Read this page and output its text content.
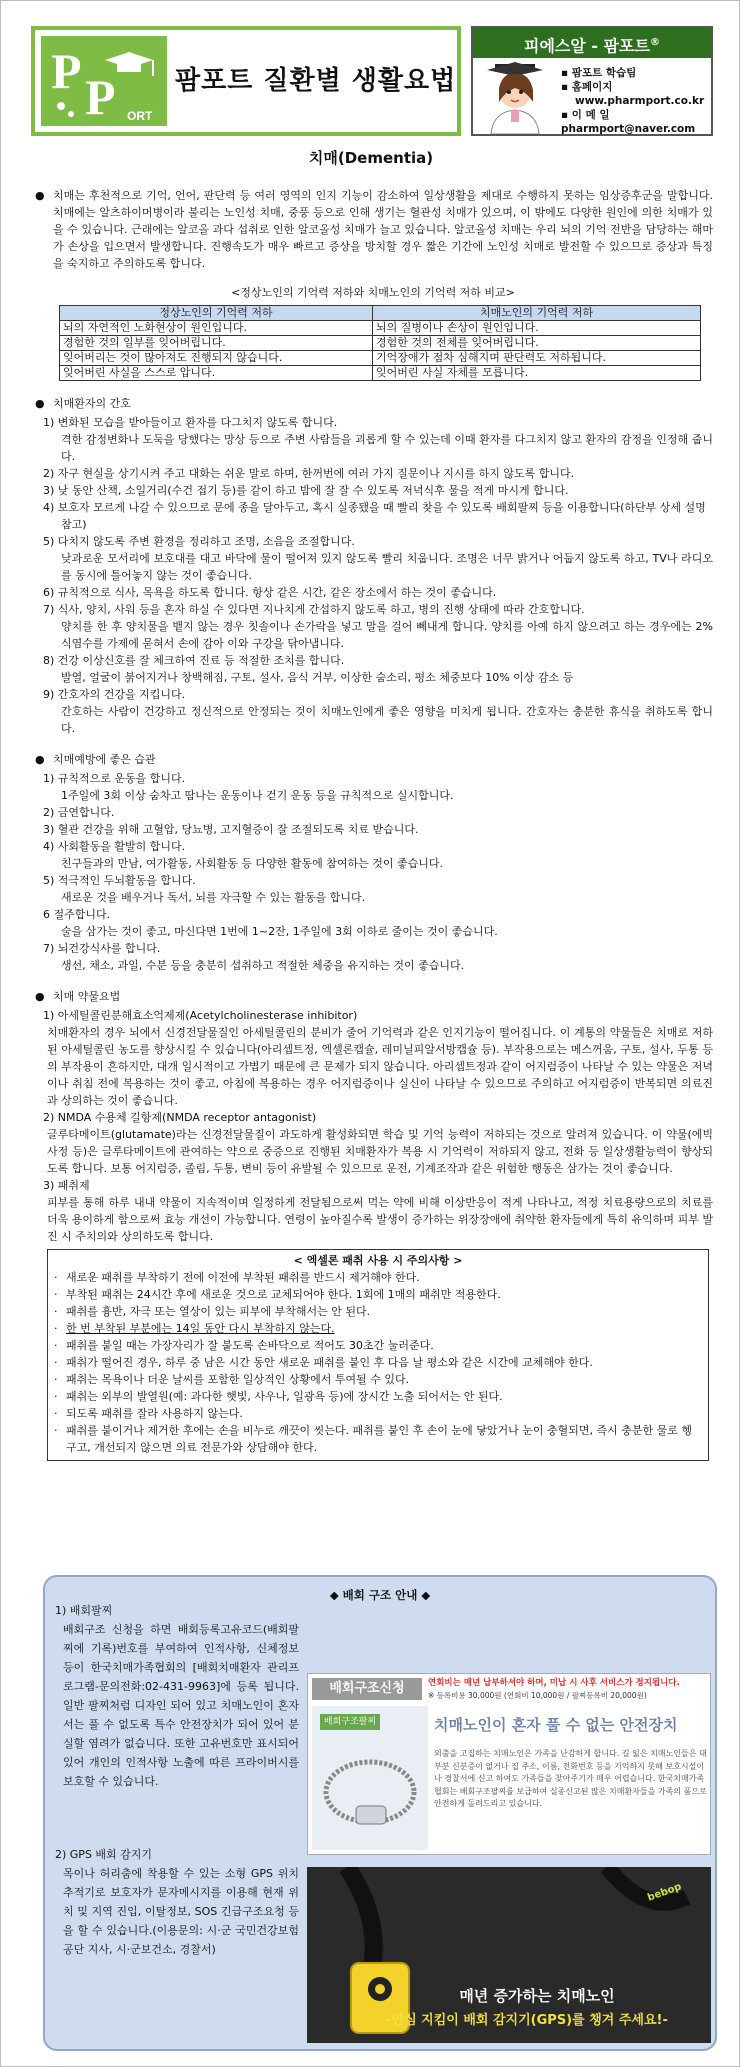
P P ORT
팜포트 질환별 생활요법
피에스알 - 팜포트®
▪ 팜포트 학습팀
▪ 홈페이지
www.pharmport.co.kr
▪ 이 메 일
pharmport@naver.com
치매(Dementia)
● 치매는 후천적으로 기억, 언어, 판단력 등 여러 영역의 인지 기능이 감소하여 일상생활을 제대로 수행하지 못하는 임상증후군을 말합니다. 치매에는 알츠하이머병이라 불리는 노인성 치매, 중풍 등으로 인해 생기는 혈관성 치매가 있으며, 이 밖에도 다양한 원인에 의한 치매가 있을 수 있습니다. 근래에는 알코올 과다 섭취로 인한 알코올성 치매가 늘고 있습니다. 알코올성 치매는 우리 뇌의 기억 전반을 담당하는 해마가 손상을 입으면서 발생합니다. 진행속도가 매우 빠르고 증상을 방치할 경우 짧은 기간에 노인성 치매로 발전할 수 있으므로 증상과 특징을 숙지하고 주의하도록 합니다.
<정상노인의 기억력 저하와 치매노인의 기억력 저하 비교>
정상노인의 기억력 저하	치매노인의 기억력 저하
뇌의 자연적인 노화현상이 원인입니다.	뇌의 질병이나 손상이 원인입니다.
경험한 것의 일부를 잊어버립니다.	경험한 것의 전체를 잊어버립니다.
잊어버리는 것이 많아져도 진행되지 않습니다.	기억장애가 점차 심해지며 판단력도 저하됩니다.
잊어버린 사실을 스스로 압니다.	잊어버린 사실 자체를 모릅니다.
● 치매환자의 간호
1) 변화된 모습을 받아들이고 환자를 다그치지 않도록 합니다.
격한 감정변화나 도둑을 당했다는 망상 등으로 주변 사람들을 괴롭게 할 수 있는데 이때 환자를 다그치지 않고 환자의 감정을 인정해 줍니다.
2) 자구 현실을 상기시켜 주고 대화는 쉬운 말로 하며, 한꺼번에 여러 가지 질문이나 지시를 하지 않도록 합니다.
3) 낮 동안 산책, 소일거리(수건 접기 등)를 같이 하고 밤에 잘 잘 수 있도록 저녁식후 물을 적게 마시게 합니다.
4) 보호자 모르게 나갈 수 있으므로 문에 종을 달아두고, 혹시 실종됐을 때 빨리 찾을 수 있도록 배회팔찌 등을 이용합니다(하단부 상세 설명 참고)
5) 다치지 않도록 주변 환경을 정리하고 조명, 소음을 조절합니다.
낮과로운 모서리에 보호대를 대고 바닥에 물이 떨어져 있지 않도록 빨리 치웁니다. 조명은 너무 밝거나 어둡지 않도록 하고, TV나 라디오를 동시에 틀어놓지 않는 것이 좋습니다.
6) 규칙적으로 식사, 목욕을 하도록 합니다. 항상 같은 시간, 같은 장소에서 하는 것이 좋습니다.
7) 식사, 양치, 사워 등을 혼자 하실 수 있다면 지나치게 간섭하지 않도록 하고, 병의 진행 상태에 따라 간호합니다.
양치를 한 후 양치물을 뱉지 않는 경우 칫솔이나 손가락을 넣고 말을 걸어 뻬내게 합니다. 양치를 아예 하지 않으려고 하는 경우에는 2%식염수를 가제에 묻혀서 손에 감아 이와 구강을 닦아냅니다.
8) 건강 이상신호를 잘 체크하여 진료 등 적절한 조치를 합니다.
발열, 얼굴이 붉어지거나 창백해짐, 구토, 설사, 음식 거부, 이상한 숨소리, 평소 체중보다 10% 이상 감소 등
9) 간호자의 건강을 지킵니다.
간호하는 사람이 건강하고 정신적으로 안정되는 것이 치매노인에게 좋은 영향을 미치게 됩니다. 간호자는 충분한 휴식을 취하도록 합니다.
● 치매예방에 좋은 습관
1) 규칙적으로 운동을 합니다.
1주일에 3회 이상 숨차고 땀나는 운동이나 걷기 운동 등을 규칙적으로 실시합니다.
2) 금연합니다.
3) 혈관 건강을 위해 고혈압, 당뇨병, 고지혈증이 잘 조절되도록 치료 받습니다.
4) 사회활동을 활발히 합니다.
친구들과의 만남, 여가활동, 사회활동 등 다양한 활동에 참여하는 것이 좋습니다.
5) 적극적인 두뇌활동을 합니다.
새로운 것을 배우거나 독서, 뇌를 자극할 수 있는 활동을 합니다.
6 절주합니다.
술을 삼가는 것이 좋고, 마신다면 1번에 1~2잔, 1주일에 3회 이하로 줄이는 것이 좋습니다.
7) 뇌건강식사를 합니다.
생선, 채소, 과일, 수분 등을 충분히 섭취하고 적절한 체중을 유지하는 것이 좋습니다.
● 치매 약물요법
1) 아세틸콜린분해효소억제제(Acetylcholinesterase inhibitor)
치매환자의 경우 뇌에서 신경전달물질인 아세틸콜린의 분비가 줄어 기억력과 같은 인지기능이 떨어집니다. 이 계통의 약물들은 치매로 저하된 아세틸콜린 농도를 향상시킬 수 있습니다(아리셉트정, 엑셀론캡슐, 레미닐피알서방캡슐 등). 부작용으로는 메스꺼움, 구토, 설사, 두통 등의 부작용이 흔하지만, 대개 일시적이고 가볍기 때문에 큰 문제가 되지 않습니다. 아리셉트정과 같이 어지럼증이 나타날 수 있는 약물은 저녁이나 취침 전에 복용하는 것이 좋고, 아침에 복용하는 경우 어지럼증이나 실신이 나타날 수 있으므로 주의하고 어지럼증이 반복되면 의료진과 상의하는 것이 좋습니다.
2) NMDA 수용체 길항제(NMDA receptor antagonist)
글루타메이트(glutamate)라는 신경전달물질이 과도하게 활성화되면 학습 및 기억 능력이 저하되는 것으로 알려져 있습니다. 이 약물(에빅사정 등)은 글루타메이트에 관여하는 약으로 중증으로 진행된 치매환자가 복용 시 기억력이 저하되지 않고, 전화 등 일상생활능력이 향상되도록 합니다. 보통 어지럼증, 졸림, 두통, 변비 등이 유발될 수 있으므로 운전, 기계조작과 같은 위험한 행동은 삼가는 것이 좋습니다.
3) 패취제
피부를 통해 하루 내내 약물이 지속적이며 일정하게 전달됨으로써 먹는 약에 비해 이상반응이 적게 나타나고, 적정 치료용량으로의 치료를 더욱 용이하게 함으로써 효능 개선이 가능합니다. 연령이 높아질수록 발생이 증가하는 위장장애에 취약한 환자들에게 특히 유익하며 피부 발진 시 주치의와 상의하도록 합니다.
< 엑셀론 패취 사용 시 주의사항 >
· 새로운 패취를 부착하기 전에 이전에 부착된 패취를 반드시 제거해야 한다.
· 부착된 패취는 24시간 후에 새로운 것으로 교체되어야 한다. 1회에 1매의 패취만 적용한다.
· 패취를 흉반, 자극 또는 열상이 있는 피부에 부착해서는 안 된다.
· 한 번 부착된 부분에는 14일 동안 다시 부착하지 않는다.
· 패취를 붙일 때는 가장자리가 잘 붙도록 손바닥으로 적어도 30초간 눌러준다.
· 패취가 떨어진 경우, 하루 중 남은 시간 동안 새로운 패취를 붙인 후 다음 날 평소와 같은 시간에 교체해야 한다.
· 패취는 목욕이나 더운 날씨를 포함한 일상적인 상황에서 투여될 수 있다.
· 패취는 외부의 발열원(예: 과다한 햇빛, 사우나, 일광욕 등)에 장시간 노출 되어서는 안 된다.
· 되도록 패취를 잘라 사용하지 않는다.
· 패취를 붙이거나 제거한 후에는 손을 비누로 깨끗이 씻는다. 패취를 붙인 후 손이 눈에 닿았거나 눈이 충혈되면, 즉시 충분한 물로 헹구고, 개선되지 않으면 의료 전문가와 상담해야 한다.
◆ 배회 구조 안내 ◆
1) 배회팔찌
배회구조 신청을 하면 배회등록고유코드(배회팔찌에 기록)번호를 부여하여 인적사항, 신체정보 등이 한국치매가족협회의 [배회치매환자 관리프로그램-문의전화:02-431-9963]에 등록 됩니다. 일반 팔찌처럼 디자인 되어 있고 치매노인이 혼자서는 풀 수 없도록 특수 안전장치가 되어 있어 분실할 염려가 없습니다. 또한 고유번호만 표시되어 있어 개인의 인적사항 노출에 따른 프라이버시를 보호할 수 있습니다.
2) GPS 배회 감지기
목이나 허리춤에 착용할 수 있는 소형 GPS 위치 추적기로 보호자가 문자메시지를 이용해 현재 위치 및 지역 진입, 이탈정보, SOS 긴급구조요청 등을 할 수 있습니다.(이용문의: 시·군 국민건강보험공단 지사, 시·군보건소, 경찰서)
배회구조신청	연회비는 매년 납부하셔야 하며, 미납 시 사후 서비스가 정지됩니다.
※ 등록비용 30,000원 (연회비 10,000원 / 팔찌등록비 20,000원)
배회구조팔찌	치매노인이 혼자 풀 수 없는 안전장치
외출을 고집하는 치매노인은 가족을 난감하게 합니다. 길 잃은 치매노인들은 대부분 신분증이 없거나 집 주소, 이름, 전화번호 등을 기억하지 못해 보호시설이나 경찰서에 신고 하여도 가족들을 찾아주기가 매우 어렵습니다. 한국치매가족협회는 배회구조팔찌를 보급하여 실종신고된 많은 치매환자들을 가족의 품으로 안전하게 돌려드리고 있습니다.
매년 증가하는 치매노인
-안심 지킴이 배회 감지기(GPS)를 챙겨 주세요!-
bebop
